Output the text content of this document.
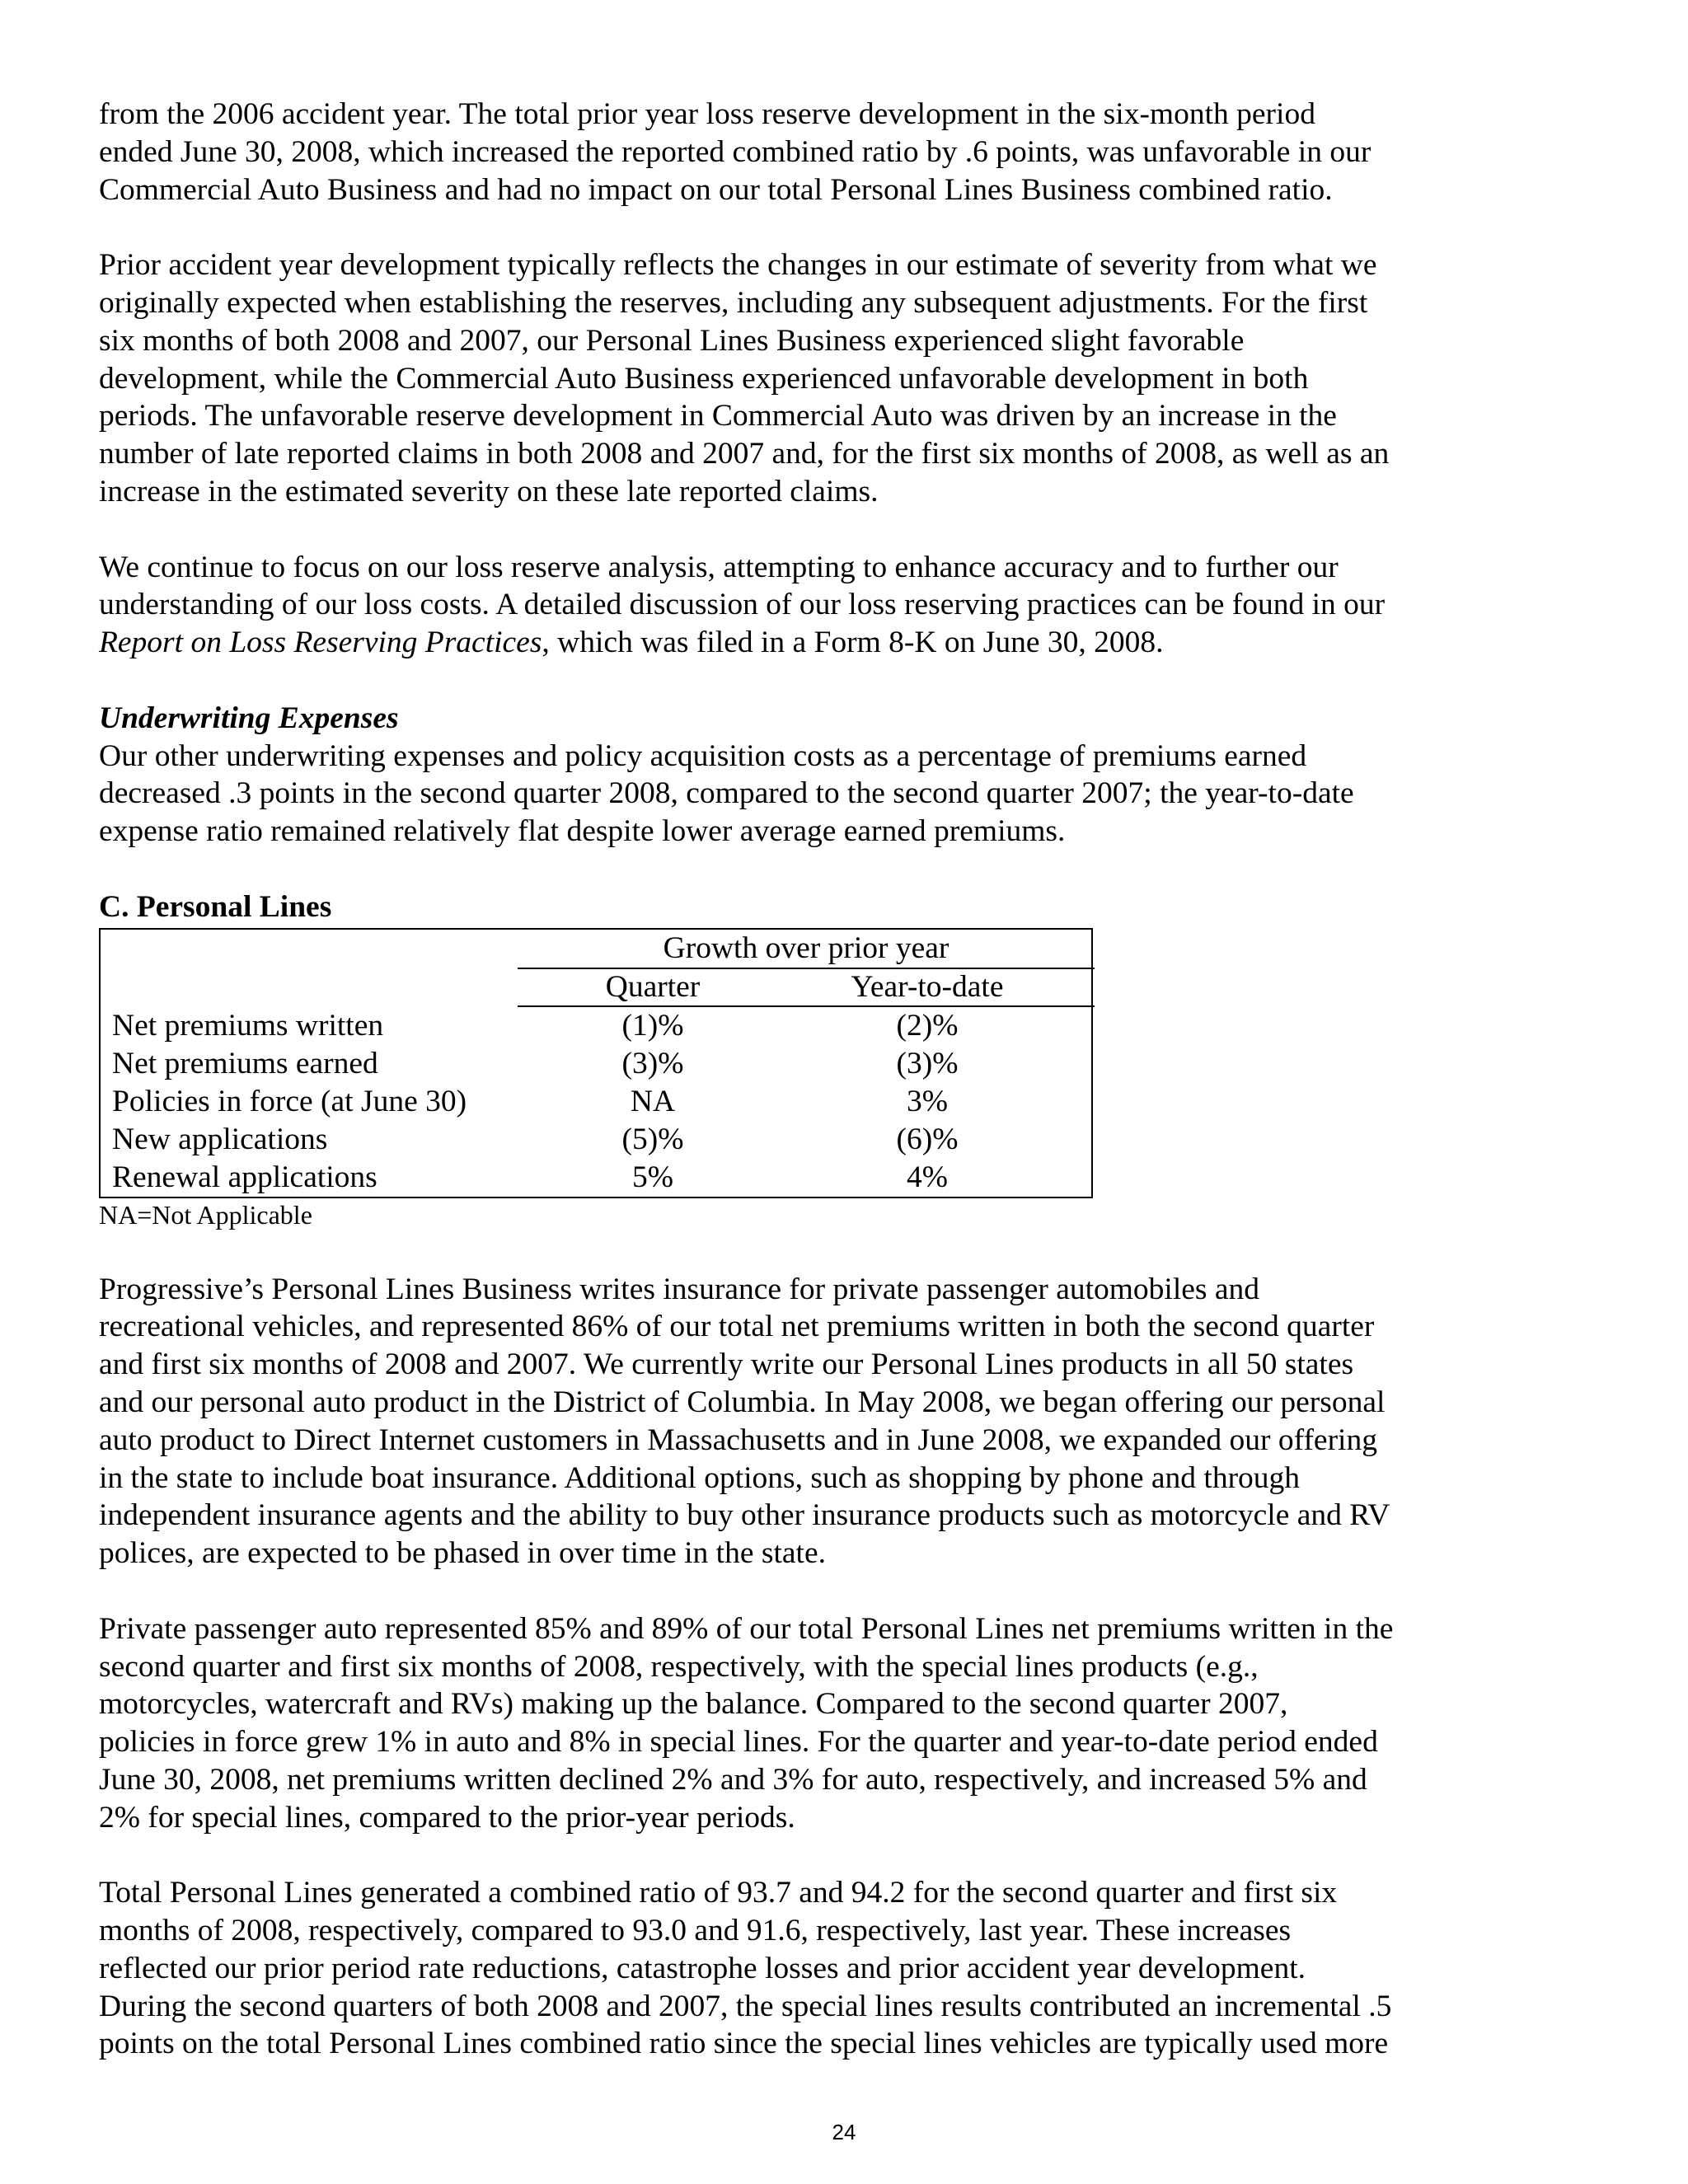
from the 2006 accident year. The total prior year loss reserve development in the six-month period

ended June 30, 2008, which increased the reported combined ratio by .6 points, was unfavorable in our

Commercial Auto Business and had no impact on our total Personal Lines Business combined ratio.

Prior accident year development typically reflects the changes in our estimate of severity from what we

originally expected when establishing the reserves, including any subsequent adjustments. For the first

six months of both 2008 and 2007, our Personal Lines Business experienced slight favorable

development, while the Commercial Auto Business experienced unfavorable development in both

periods. The unfavorable reserve development in Commercial Auto was driven by an increase in the

number of late reported claims in both 2008 and 2007 and, for the first six months of 2008, as well as an

increase in the estimated severity on these late reported claims.

We continue to focus on our loss reserve analysis, attempting to enhance accuracy and to further our

understanding of our loss costs. A detailed discussion of our loss reserving practices can be found in our

Report on Loss Reserving Practices, which was filed in a Form 8-K on June 30, 2008.

Underwriting Expenses

Our other underwriting expenses and policy acquisition costs as a percentage of premiums earned

decreased .3 points in the second quarter 2008, compared to the second quarter 2007; the year-to-date

expense ratio remained relatively flat despite lower average earned premiums.

C. Personal Lines

Growth over prior year
Quarter	Year-to-date
Net premiums written	(1)%	(2)%
Net premiums earned	(3)%	(3)%
Policies in force (at June 30)	NA	3%
New applications	(5)%	(6)%
Renewal applications	5%	4%

NA=Not Applicable

Progressive’s Personal Lines Business writes insurance for private passenger automobiles and

recreational vehicles, and represented 86% of our total net premiums written in both the second quarter

and first six months of 2008 and 2007. We currently write our Personal Lines products in all 50 states

and our personal auto product in the District of Columbia. In May 2008, we began offering our personal

auto product to Direct Internet customers in Massachusetts and in June 2008, we expanded our offering

in the state to include boat insurance. Additional options, such as shopping by phone and through

independent insurance agents and the ability to buy other insurance products such as motorcycle and RV

polices, are expected to be phased in over time in the state.

Private passenger auto represented 85% and 89% of our total Personal Lines net premiums written in the

second quarter and first six months of 2008, respectively, with the special lines products (e.g.,

motorcycles, watercraft and RVs) making up the balance. Compared to the second quarter 2007,

policies in force grew 1% in auto and 8% in special lines. For the quarter and year-to-date period ended

June 30, 2008, net premiums written declined 2% and 3% for auto, respectively, and increased 5% and

2% for special lines, compared to the prior-year periods.

Total Personal Lines generated a combined ratio of 93.7 and 94.2 for the second quarter and first six

months of 2008, respectively, compared to 93.0 and 91.6, respectively, last year. These increases

reflected our prior period rate reductions, catastrophe losses and prior accident year development.

During the second quarters of both 2008 and 2007, the special lines results contributed an incremental .5

points on the total Personal Lines combined ratio since the special lines vehicles are typically used more

24
